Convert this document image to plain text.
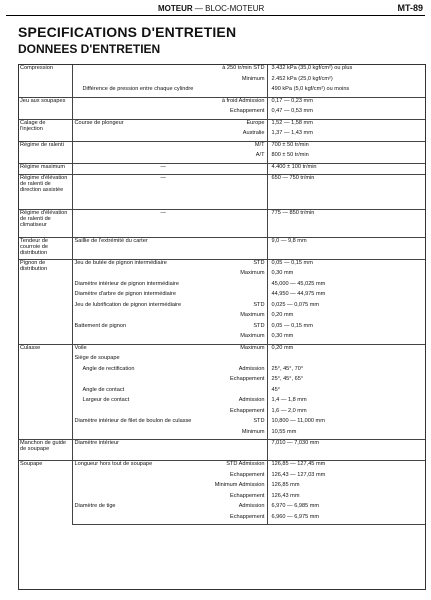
MOTEUR — BLOC-MOTEUR	MT-89
SPECIFICATIONS D'ENTRETIEN
DONNEES D'ENTRETIEN
Compression		à 250 tr/min STD	3.432 kPa (35,0 kgf/cm²) ou plus
		Minimum	2.452 kPa (25,0 kgf/cm²)
	Différence de pression entre chaque cylindre		490 kPa (5,0 kgf/cm²) ou moins

Jeu aux soupapes		à froid Admission	0,17 — 0,23 mm
		Echappement	0,47 — 0,53 mm

Calage de l'injection	Course de plongeur	Europe	1,52 — 1,58 mm
		Australie	1,37 — 1,43 mm

Régime de ralenti		M/T	700 ± 50 tr/min
		A/T	800 ± 50 tr/min

Régime maximum	—		4.400 ± 100 tr/min

Régime d'élévation de ralenti de direction assistée	—		650 — 750 tr/min

Régime d'élévation de ralenti de climatiseur	—		775 — 850 tr/min

Tendeur de courroie de distribution	Saillie de l'extrémité du carter		9,0 — 9,8 mm

Pignon de distribution	Jeu de butée de pignon intermédiaire	STD	0,05 — 0,15 mm
		Maximum	0,30 mm
	Diamètre intérieur de pignon intermédiaire		45,000 — 45,025 mm
	Diamètre d'arbre de pignon intermédiaire		44,950 — 44,975 mm
	Jeu de lubrification de pignon intermédiaire	STD	0,025 — 0,075 mm
		Maximum	0,20 mm
	Battement de pignon	STD	0,05 — 0,15 mm
		Maximum	0,30 mm

Culasse	Voile	Maximum	0,20 mm
	Siège de soupape		
	Angle de rectification	Admission	25°, 45°, 70°
		Echappement	25°, 45°, 65°
	Angle de contact		45°
	Largeur de contact	Admission	1,4 — 1,8 mm
		Echappement	1,6 — 2,0 mm
	Diamètre intérieur de filet de boulon de culasse	STD	10,800 — 11,000 mm
		Minimum	10,55 mm

Manchon de guide de soupape	Diamètre intérieur		7,010 — 7,030 mm

Soupape	Longueur hors tout de soupape	STD Admission	126,85 — 127,45 mm
		Echappement	126,43 — 127,03 mm
		Minimum Admission	126,85 mm
		Echappement	126,43 mm
	Diamètre de tige	Admission	6,970 — 6,985 mm
		Echappement	6,960 — 6,975 mm
